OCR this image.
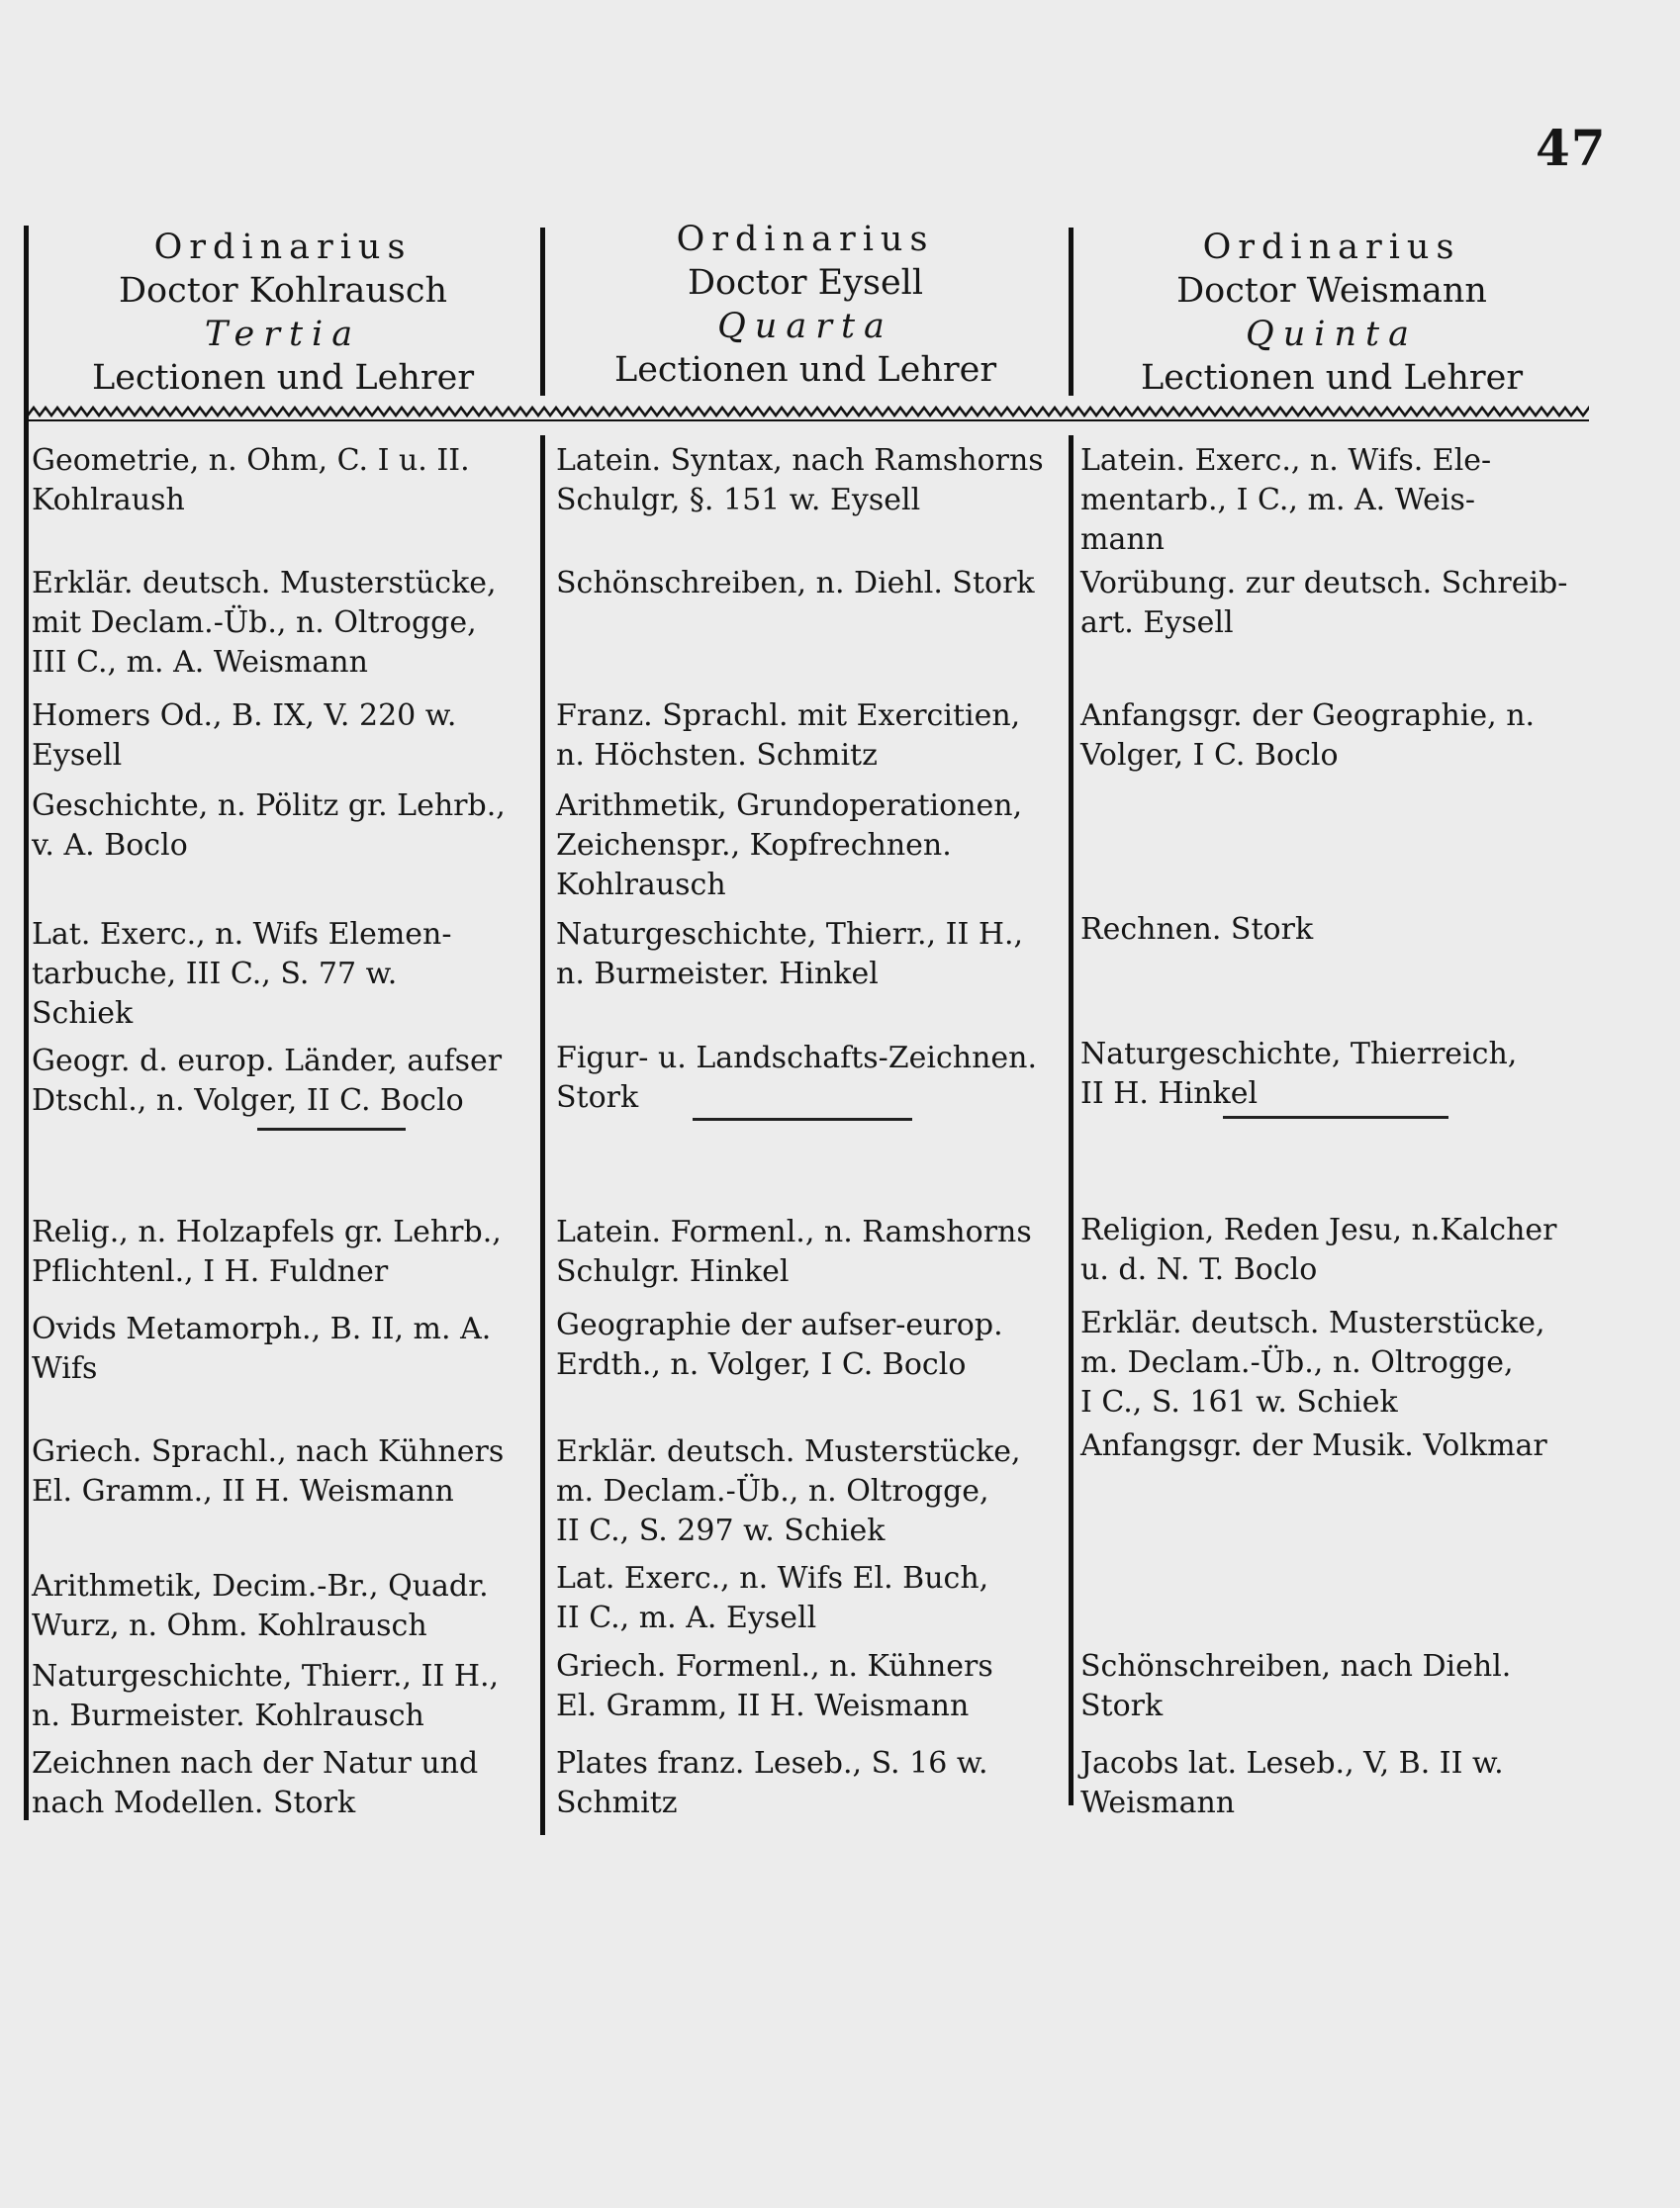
47
Ordinarius
Doctor Kohlrausch
Tertia
Lectionen und Lehrer
Ordinarius
Doctor Eysell
Quarta
Lectionen und Lehrer
Ordinarius
Doctor Weismann
Quinta
Lectionen und Lehrer
Geometrie, n. Ohm, C. I u. II.
Kohlraush
Erklär. deutsch. Musterstücke,
mit Declam.-Üb., n. Oltrogge,
III C., m. A. Weismann
Homers Od., B. IX, V. 220 w.
Eysell
Geschichte, n. Pölitz gr. Lehrb.,
v. A. Boclo
Lat. Exerc., n. Wifs Elemen-
tarbuche, III C., S. 77 w.
Schiek
Geogr. d. europ. Länder, aufser
Dtschl., n. Volger, II C. Boclo
Relig., n. Holzapfels gr. Lehrb.,
Pflichtenl., I H. Fuldner
Ovids Metamorph., B. II, m. A.
Wifs
Griech. Sprachl., nach Kühners
El. Gramm., II H. Weismann
Arithmetik, Decim.-Br., Quadr.
Wurz, n. Ohm. Kohlrausch
Naturgeschichte, Thierr., II H.,
n. Burmeister. Kohlrausch
Zeichnen nach der Natur und
nach Modellen. Stork
Latein. Syntax, nach Ramshorns
Schulgr, §. 151 w. Eysell
Schönschreiben, n. Diehl. Stork
Franz. Sprachl. mit Exercitien,
n. Höchsten. Schmitz
Arithmetik, Grundoperationen,
Zeichenspr., Kopfrechnen.
Kohlrausch
Naturgeschichte, Thierr., II H.,
n. Burmeister. Hinkel
Figur- u. Landschafts-Zeichnen.
Stork
Latein. Formenl., n. Ramshorns
Schulgr. Hinkel
Geographie der aufser-europ.
Erdth., n. Volger, I C. Boclo
Erklär. deutsch. Musterstücke,
m. Declam.-Üb., n. Oltrogge,
II C., S. 297 w. Schiek
Lat. Exerc., n. Wifs El. Buch,
II C., m. A. Eysell
Griech. Formenl., n. Kühners
El. Gramm, II H. Weismann
Plates franz. Leseb., S. 16 w.
Schmitz
Latein. Exerc., n. Wifs. Ele-
mentarb., I C., m. A. Weis-
mann
Vorübung. zur deutsch. Schreib-
art. Eysell
Anfangsgr. der Geographie, n.
Volger, I C. Boclo
Rechnen. Stork
Naturgeschichte, Thierreich,
II H. Hinkel
Religion, Reden Jesu, n.Kalcher
u. d. N. T. Boclo
Erklär. deutsch. Musterstücke,
m. Declam.-Üb., n. Oltrogge,
I C., S. 161 w. Schiek
Anfangsgr. der Musik. Volkmar
Schönschreiben, nach Diehl.
Stork
Jacobs lat. Leseb., V, B. II w.
Weismann
